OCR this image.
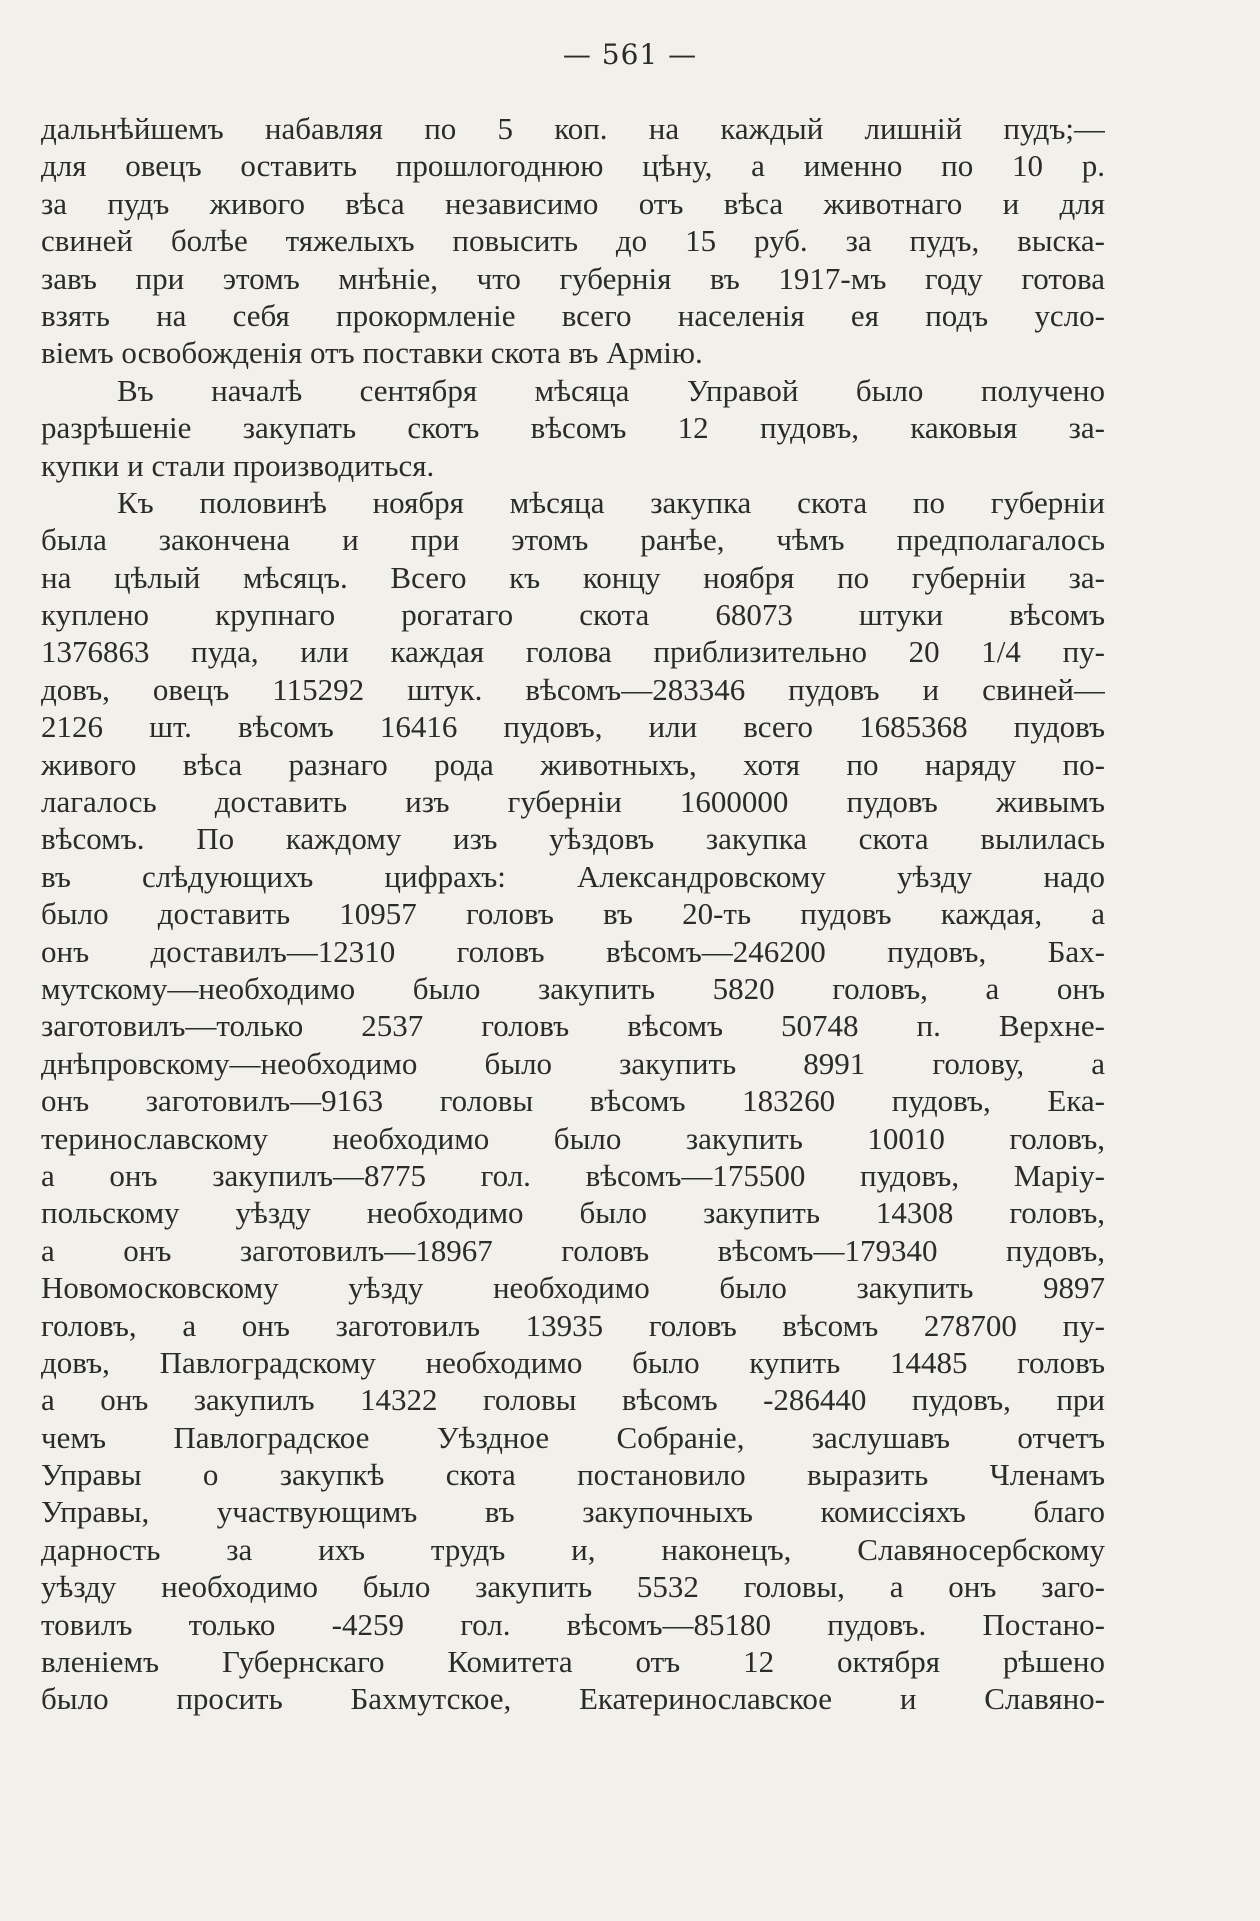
— 561 —
дальнѣйшемъ набавляя по 5 коп. на каждый лишній пудъ;—
для овецъ оставить прошлогоднюю цѣну, а именно по 10 р.
за пудъ живого вѣса независимо отъ вѣса животнаго и для
свиней болѣе тяжелыхъ повысить до 15 руб. за пудъ, выска-
завъ при этомъ мнѣніе, что губернія въ 1917-мъ году готова
взять на себя прокормленіе всего населенія ея подъ усло-
віемъ освобожденія отъ поставки скота въ Армію.
Въ началѣ сентября мѣсяца Управой было получено
разрѣшеніе закупать скотъ вѣсомъ 12 пудовъ, каковыя за-
купки и стали производиться.
Къ половинѣ ноября мѣсяца закупка скота по губерніи
была закончена и при этомъ ранѣе, чѣмъ предполагалось
на цѣлый мѣсяцъ. Всего къ концу ноября по губерніи за-
куплено крупнаго рогатаго скота 68073 штуки вѣсомъ
1376863 пуда, или каждая голова приблизительно 20 1/4 пу-
довъ, овецъ 115292 штук. вѣсомъ—283346 пудовъ и свиней—
2126 шт. вѣсомъ 16416 пудовъ, или всего 1685368 пудовъ
живого вѣса разнаго рода животныхъ, хотя по наряду по-
лагалось доставить изъ губерніи 1600000 пудовъ живымъ
вѣсомъ. По каждому изъ уѣздовъ закупка скота вылилась
въ слѣдующихъ цифрахъ: Александровскому уѣзду надо
было доставить 10957 головъ въ 20-ть пудовъ каждая, а
онъ доставилъ—12310 головъ вѣсомъ—246200 пудовъ, Бах-
мутскому—необходимо было закупить 5820 головъ, а онъ
заготовилъ—только 2537 головъ вѣсомъ 50748 п. Верхне-
днѣпровскому—необходимо было закупить 8991 голову, а
онъ заготовилъ—9163 головы вѣсомъ 183260 пудовъ, Ека-
теринославскому необходимо было закупить 10010 головъ,
а онъ закупилъ—8775 гол. вѣсомъ—175500 пудовъ, Маріу-
польскому уѣзду необходимо было закупить 14308 головъ,
а онъ заготовилъ—18967 головъ вѣсомъ—179340 пудовъ,
Новомосковскому уѣзду необходимо было закупить 9897
головъ, а онъ заготовилъ 13935 головъ вѣсомъ 278700 пу-
довъ, Павлоградскому необходимо было купить 14485 головъ
а онъ закупилъ 14322 головы вѣсомъ -286440 пудовъ, при
чемъ Павлоградское Уѣздное Собраніе, заслушавъ отчетъ
Управы о закупкѣ скота постановило выразить Членамъ
Управы, участвующимъ въ закупочныхъ комиссіяхъ благо
дарность за ихъ трудъ и, наконецъ, Славяносербскому
уѣзду необходимо было закупить 5532 головы, а онъ заго-
товилъ только -4259 гол. вѣсомъ—85180 пудовъ. Постано-
вленіемъ Губернскаго Комитета отъ 12 октября рѣшено
было просить Бахмутское, Екатеринославское и Славяно-
